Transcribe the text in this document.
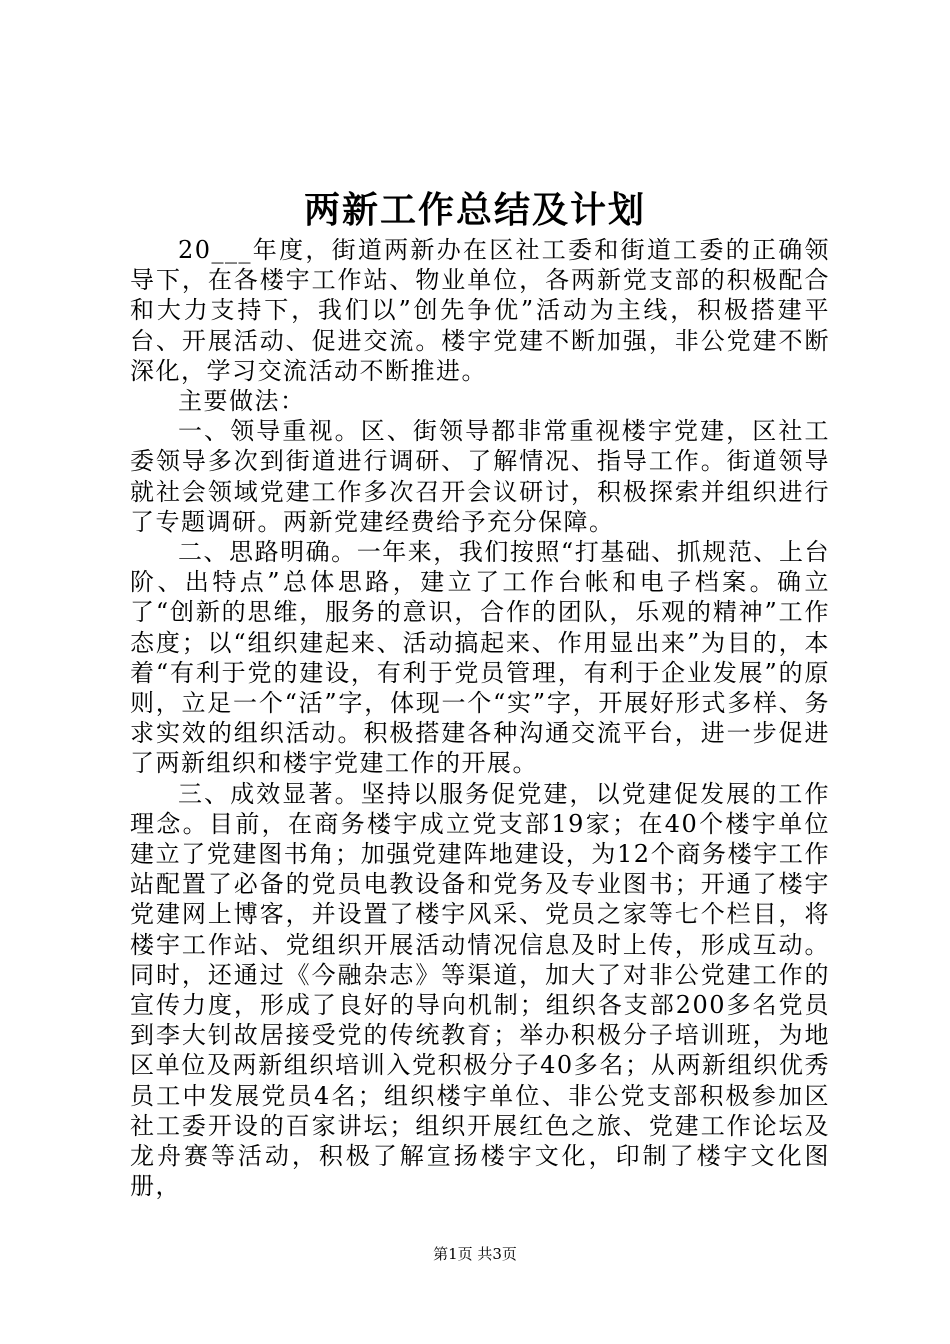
两新工作总结及计划

20___年度，街道两新办在区社工委和街道工委的正确领导下，在各楼宇工作站、物业单位，各两新党支部的积极配合和大力支持下，我们以”创先争优”活动为主线，积极搭建平台、开展活动、促进交流。楼宇党建不断加强，非公党建不断深化，学习交流活动不断推进。

主要做法：

一、领导重视。区、街领导都非常重视楼宇党建，区社工委领导多次到街道进行调研、了解情况、指导工作。街道领导就社会领域党建工作多次召开会议研讨，积极探索并组织进行了专题调研。两新党建经费给予充分保障。

二、思路明确。一年来，我们按照“打基础、抓规范、上台阶、出特点”总体思路，建立了工作台帐和电子档案。确立了“创新的思维，服务的意识，合作的团队，乐观的精神”工作态度；以“组织建起来、活动搞起来、作用显出来”为目的，本着“有利于党的建设，有利于党员管理，有利于企业发展”的原则，立足一个“活”字，体现一个“实”字，开展好形式多样、务求实效的组织活动。积极搭建各种沟通交流平台，进一步促进了两新组织和楼宇党建工作的开展。

三、成效显著。坚持以服务促党建，以党建促发展的工作理念。目前，在商务楼宇成立党支部19家；在40个楼宇单位建立了党建图书角；加强党建阵地建设，为12个商务楼宇工作站配置了必备的党员电教设备和党务及专业图书；开通了楼宇党建网上博客，并设置了楼宇风采、党员之家等七个栏目，将楼宇工作站、党组织开展活动情况信息及时上传，形成互动。同时，还通过《今融杂志》等渠道，加大了对非公党建工作的宣传力度，形成了良好的导向机制；组织各支部200多名党员到李大钊故居接受党的传统教育；举办积极分子培训班，为地区单位及两新组织培训入党积极分子40多名；从两新组织优秀员工中发展党员4名；组织楼宇单位、非公党支部积极参加区社工委开设的百家讲坛；组织开展红色之旅、党建工作论坛及龙舟赛等活动，积极了解宣扬楼宇文化，印制了楼宇文化图册，

第1页 共3页
